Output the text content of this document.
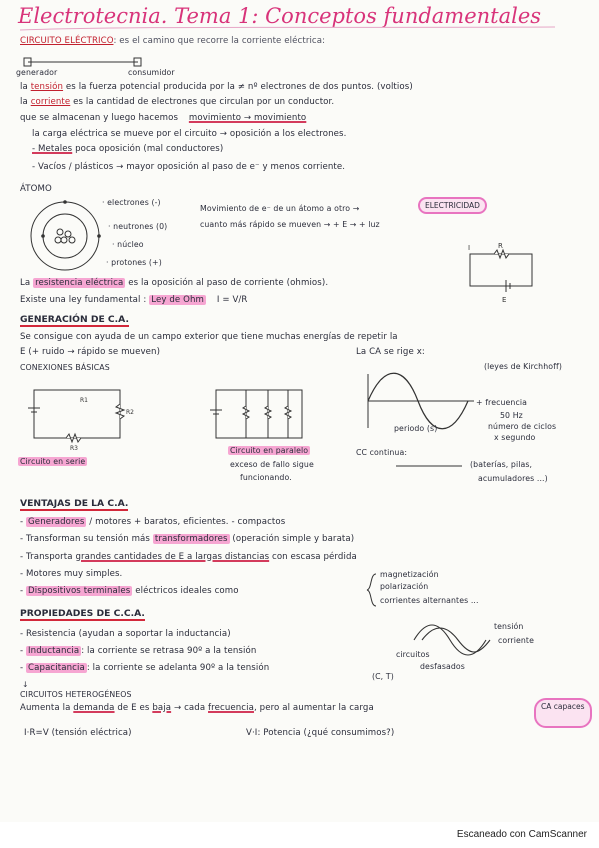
Electrotecnia. Tema 1: Conceptos fundamentales
CIRCUITO ELÉCTRICO: es el camino que recorre la corriente eléctrica:
generador	consumidor
la tensión es la fuerza potencial producida por la ≠ nº electrones de dos puntos. (voltios)
la corriente es la cantidad de electrones que circulan por un conductor.
que se almacenan y luego hacemos movimiento → movimiento
la carga eléctrica se mueve por el circuito → oposición a los electrones.
- Metales poca oposición (mal conductores)
- Vacíos / plásticos → mayor oposición al paso de e⁻ y menos corriente.
ÁTOMO
· electrones (-)
· neutrones (0)
· núcleo
· protones (+)
Movimiento de e⁻ de un átomo a otro →	ELECTRICIDAD
cuanto más rápido se mueven → + E → + luz
I	R
E
La resistencia eléctrica es la oposición al paso de corriente (ohmios).
Existe una ley fundamental : Ley de Ohm I = V/R
GENERACIÓN DE C.A.
Se consigue con ayuda de un campo exterior que tiene muchas energías de repetir la
E (+ ruido → rápido se mueven)	La CA se rige x:
(leyes de Kirchhoff)
CONEXIONES BÁSICAS
R1
R2
R3
Circuito en serie
Circuito en paralelo
exceso de fallo sigue
funcionando.
periodo (s)
+ frecuencia
50 Hz
número de ciclos
x segundo
CC continua:
(baterías, pilas,
acumuladores ...)
VENTAJAS DE LA C.A.
- Generadores / motores + baratos, eficientes. - compactos
- Transforman su tensión más transformadores (operación simple y barata)
- Transporta grandes cantidades de E a largas distancias con escasa pérdida
- Motores muy simples.
- Dispositivos terminales eléctricos ideales como
magnetización
polarización
corrientes alternantes ...
PROPIEDADES DE C.C.A.
- Resistencia (ayudan a soportar la inductancia)
- Inductancia : la corriente se retrasa 90º a la tensión
- Capacitancia : la corriente se adelanta 90º a la tensión
tensión
corriente
circuitos
desfasados
(C, T)
↓
CIRCUITOS HETEROGÉNEOS
Aumenta la demanda de E es baja → cada frecuencia, pero al aumentar la carga	CA capaces
I·R=V (tensión eléctrica)	V·I: Potencia (¿qué consumimos?)
Escaneado con CamScanner
